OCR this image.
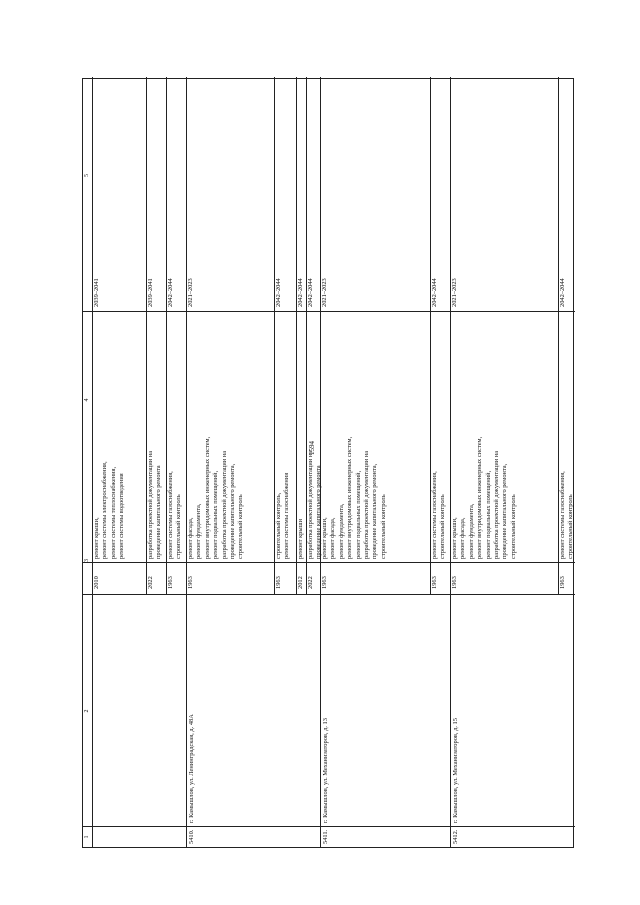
1594
1
2
3
4
5
2010
ремонт крыши, ремонт системы электроснабжения, ремонт системы теплоснабжения, ремонт системы водоотведения
2039–2041
2022
разработка проектной документации на проведение капитального ремонта
2039–2041
1963
ремонт системы газоснабжения, строительный контроль
2042–2044
5410.
г. Камышлов, ул. Ленинградская, д. 48А
1963
ремонт фасада, ремонт фундамента, ремонт внутридомовых инженерных систем, ремонт подвальных помещений, разработка проектной документации на проведение капитального ремонта, строительный контроль
2021–2023
1963
строительный контроль, ремонт системы газоснабжения
2042–2044
2012
ремонт крыши
2042–2044
2022
разработка проектной документации на проведение капитального ремонта
2042–2044
5411.
г. Камышлов, ул. Механизаторов, д. 13
1963
ремонт крыши, ремонт фасада, ремонт фундамента, ремонт внутридомовых инженерных систем, ремонт подвальных помещений, разработка проектной документации на проведение капитального ремонта, строительный контроль
2021–2023
1963
ремонт системы газоснабжения, строительный контроль
2042–2044
5412.
г. Камышлов, ул. Механизаторов, д. 15
1963
ремонт крыши, ремонт фасада, ремонт фундамента, ремонт внутридомовых инженерных систем, ремонт подвальных помещений, разработка проектной документации на проведение капитального ремонта, строительный контроль
2021–2023
1963
ремонт системы газоснабжения, строительный контроль
2042–2044
